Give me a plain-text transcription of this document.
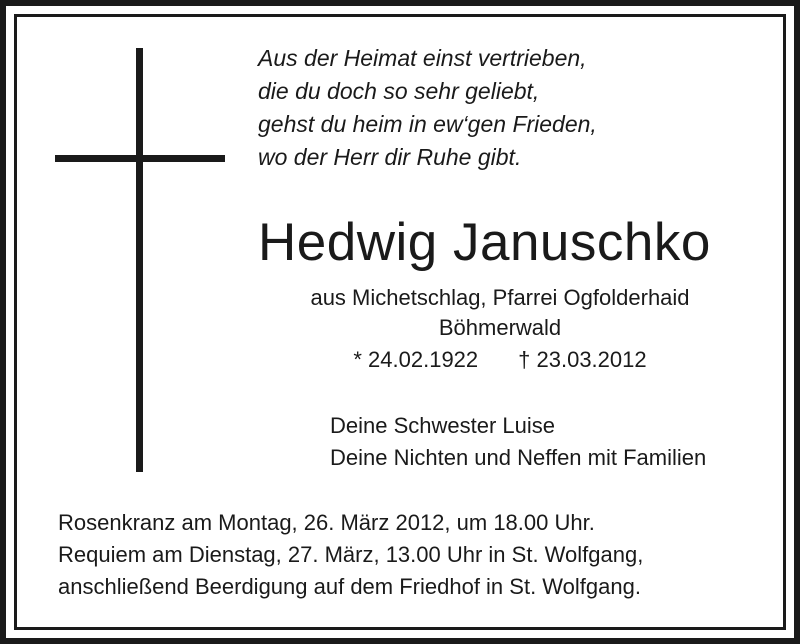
Aus der Heimat einst vertrieben,
die du doch so sehr geliebt,
gehst du heim in ew‘gen Frieden,
wo der Herr dir Ruhe gibt.
Hedwig Januschko
aus Michetschlag, Pfarrei Ogfolderhaid
Böhmerwald
* 24.02.1922 † 23.03.2012
Deine Schwester Luise
Deine Nichten und Neffen mit Familien
Rosenkranz am Montag, 26. März 2012, um 18.00 Uhr.
Requiem am Dienstag, 27. März, 13.00 Uhr in St. Wolfgang,
anschließend Beerdigung auf dem Friedhof in St. Wolfgang.
